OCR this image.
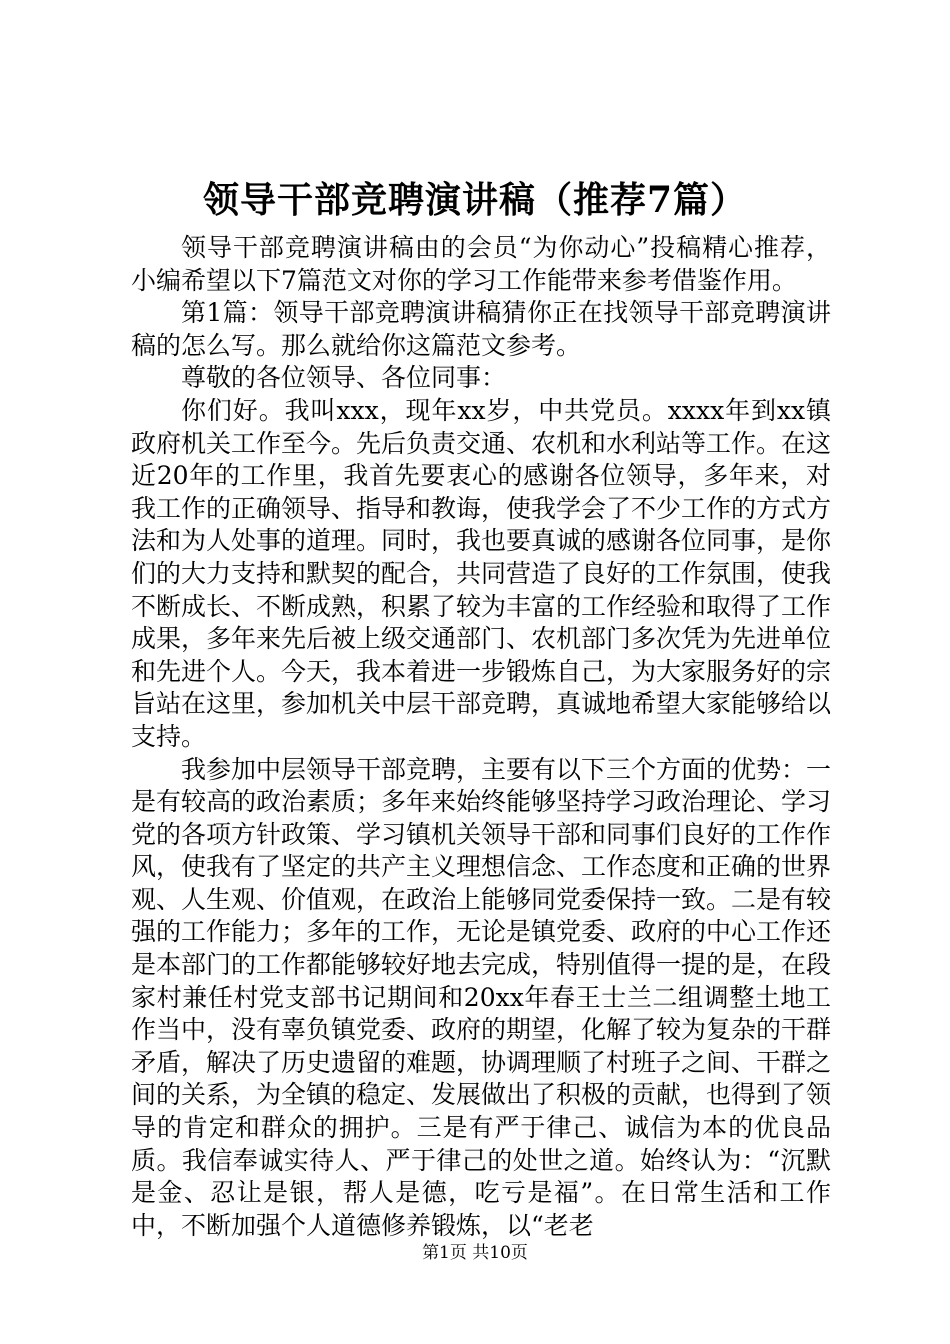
领导干部竞聘演讲稿（推荐7篇）

领导干部竞聘演讲稿由的会员“为你动心”投稿精心推荐，小编希望以下7篇范文对你的学习工作能带来参考借鉴作用。

第1篇：领导干部竞聘演讲稿猜你正在找领导干部竞聘演讲稿的怎么写。那么就给你这篇范文参考。

尊敬的各位领导、各位同事：

你们好。我叫xxx，现年xx岁，中共党员。xxxx年到xx镇政府机关工作至今。先后负责交通、农机和水利站等工作。在这近20年的工作里，我首先要衷心的感谢各位领导，多年来，对我工作的正确领导、指导和教诲，使我学会了不少工作的方式方法和为人处事的道理。同时，我也要真诚的感谢各位同事，是你们的大力支持和默契的配合，共同营造了良好的工作氛围，使我不断成长、不断成熟，积累了较为丰富的工作经验和取得了工作成果，多年来先后被上级交通部门、农机部门多次凭为先进单位和先进个人。今天，我本着进一步锻炼自己，为大家服务好的宗旨站在这里，参加机关中层干部竞聘，真诚地希望大家能够给以支持。

我参加中层领导干部竞聘，主要有以下三个方面的优势：一是有较高的政治素质；多年来始终能够坚持学习政治理论、学习党的各项方针政策、学习镇机关领导干部和同事们良好的工作作风，使我有了坚定的共产主义理想信念、工作态度和正确的世界观、人生观、价值观，在政治上能够同党委保持一致。二是有较强的工作能力；多年的工作，无论是镇党委、政府的中心工作还是本部门的工作都能够较好地去完成，特别值得一提的是，在段家村兼任村党支部书记期间和20xx年春王士兰二组调整土地工作当中，没有辜负镇党委、政府的期望，化解了较为复杂的干群矛盾，解决了历史遗留的难题，协调理顺了村班子之间、干群之间的关系，为全镇的稳定、发展做出了积极的贡献，也得到了领导的肯定和群众的拥护。三是有严于律己、诚信为本的优良品质。我信奉诚实待人、严于律己的处世之道。始终认为：“沉默是金、忍让是银，帮人是德，吃亏是福”。在日常生活和工作中，不断加强个人道德修养锻炼，以“老老

第1页 共10页
